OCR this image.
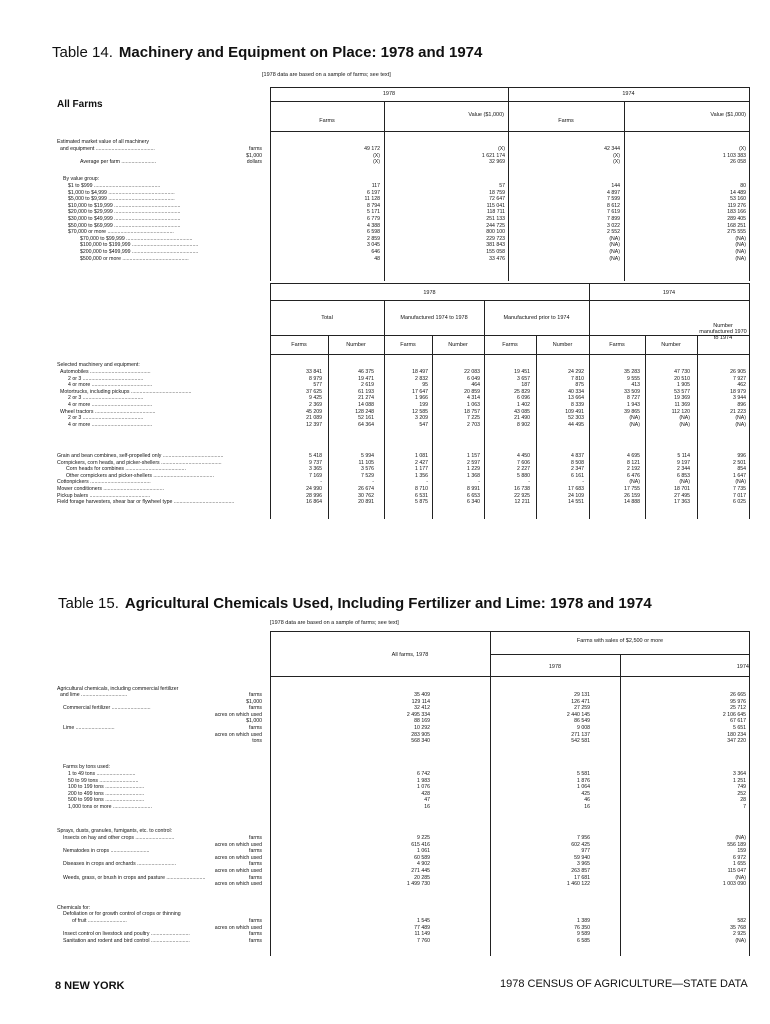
Table 14. Machinery and Equipment on Place: 1978 and 1974
[1978 data are based on a sample of farms; see text]
All Farms
1978	1974
Farms
Value ($1,000)
Farms
Value ($1,000)
Estimated market value of all machinery
and equipment .........................................	farms	49 172	(X)	42 344	(X)
$1,000	(X)	1 621 174	(X)	1 103 383
Average per farm ........................	dollars	(X)	32 969	(X)	26 058
By value group:
$1 to $999 ..............................................	117	57	144	80
$1,000 to $4,999 ..............................................	6 197	18 759	4 897	14 489
$5,000 to $9,999 ..............................................	11 128	72 647	7 599	53 160
$10,000 to $19,999 ..............................................	8 794	115 041	8 612	119 276
$20,000 to $29,999 ..............................................	5 171	118 711	7 619	183 166
$30,000 to $49,999 ..............................................	6 779	251 133	7 899	289 405
$50,000 to $69,999 ..............................................	4 388	244 725	3 022	168 251
$70,000 or more ..............................................	6 598	800 100	2 552	275 555
$70,000 to $99,999 ..............................................	2 859	229 723	(NA)	(NA)
$100,000 to $199,999 ..............................................	3 045	381 843	(NA)	(NA)
$200,000 to $499,999 ..............................................	646	155 058	(NA)	(NA)
$500,000 or more ..............................................	48	33 476	(NA)	(NA)
1978	1974
Total	Manufactured 1974 to 1978	Manufactured prior to 1974
Number manufactured 1970 to 1974
Farms	Number	Farms	Number	Farms	Number	Farms	Number
Selected machinery and equipment:
Automobiles ..........................................	33 841	46 375	18 497	22 083	19 451	24 292	35 283	47 730	26 905
2 or 3 ..........................................	8 979	19 471	2 832	6 049	3 657	7 810	9 555	20 510	7 927
4 or more ..........................................	577	2 619	95	464	187	875	413	1 905	462
Motortrucks, including pickups ..........................................	37 625	61 193	17 647	20 859	25 829	40 334	33 509	53 577	18 979
2 or 3 ..........................................	9 425	21 274	1 966	4 314	6 096	13 664	8 727	19 369	3 944
4 or more ..........................................	2 369	14 088	199	1 063	1 402	8 339	1 943	11 369	896
Wheel tractors ..........................................	45 209	128 248	12 585	18 757	43 085	109 491	39 865	112 120	21 223
2 or 3 ..........................................	21 089	52 161	3 209	7 225	21 490	52 303	(NA)	(NA)	(NA)
4 or more ..........................................	12 397	64 364	547	2 703	8 902	44 495	(NA)	(NA)	(NA)
Grain and bean combines, self-propelled only ..........................................	5 418	5 994	1 081	1 157	4 450	4 837	4 695	5 114	996
Cornpickers, corn heads, and picker-shellers ..........................................	9 737	11 105	2 427	2 597	7 606	8 508	8 121	9 197	2 501
Corn heads for combines ..........................................	3 365	3 576	1 177	1 229	2 227	2 347	2 192	2 344	854
Other cornpickers and picker-shellers ..........................................	7 169	7 529	1 356	1 368	5 880	6 161	6 476	6 853	1 647
Cottonpickers ..........................................	-	-	-	-	-	-	(NA)	(NA)	(NA)
Mower conditioners ..........................................	24 990	26 674	8 710	8 991	16 738	17 683	17 755	18 701	7 735
Pickup balers ..........................................	28 996	30 762	6 531	6 653	22 925	24 109	26 159	27 495	7 017
Field forage harvesters, shear bar or flywheel type ..........................................	16 864	20 891	5 875	6 340	12 211	14 551	14 888	17 363	6 025
Table 15. Agricultural Chemicals Used, Including Fertilizer and Lime: 1978 and 1974
[1978 data are based on a sample of farms; see text]
All farms, 1978
Farms with sales of $2,500 or more
1978	1974
Agricultural chemicals, including commercial fertilizer
and lime ................................	farms	35 409	29 131	26 665
$1,000	129 114	126 471	95 976
Commercial fertilizer ...........................	farms	32 412	27 259	25 712
acres on which used	2 495 334	2 440 145	2 106 645
$1,000	88 169	86 549	67 617
Lime ...........................	farms	10 292	9 008	5 651
acres on which used	283 905	271 137	180 234
tons	568 340	542 581	347 220
Farms by tons used:
1 to 49 tons ...........................	6 742	5 581	3 364
50 to 99 tons ...........................	1 983	1 876	1 251
100 to 199 tons ...........................	1 076	1 064	749
200 to 499 tons ...........................	428	425	252
500 to 999 tons ...........................	47	46	28
1,000 tons or more ...........................	16	16	7
Sprays, dusts, granules, fumigants, etc. to control:
Insects on hay and other crops ...........................	farms	9 225	7 956	(NA)
acres on which used	615 416	602 425	556 189
Nematodes in crops ...........................	farms	1 061	977	159
acres on which used	60 589	59 940	6 972
Diseases in crops and orchards ...........................	farms	4 902	3 965	1 655
acres on which used	271 445	263 857	115 047
Weeds, grass, or brush in crops and pasture ...........................	farms	20 285	17 681	(NA)
acres on which used	1 499 730	1 460 122	1 003 090
Chemicals for:
Defoliation or for growth control of crops or thinning
of fruit ...........................	farms	1 545	1 389	582
acres on which used	77 489	76 350	35 768
Insect control on livestock and poultry ...........................	farms	11 149	9 589	2 925
Sanitation and rodent and bird control ...........................	farms	7 760	6 585	(NA)
8 NEW YORK	1978 CENSUS OF AGRICULTURE—STATE DATA
